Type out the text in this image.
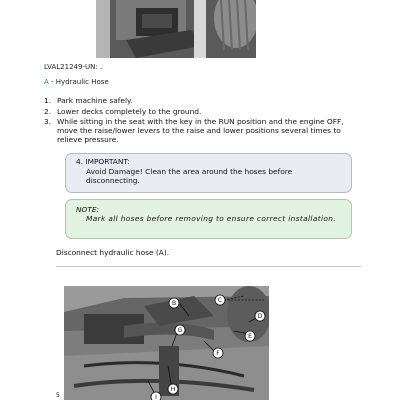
LVAL21249-UN: .
A - Hydraulic Hose
1. Park machine safely.
2. Lower decks completely to the ground.
3. While sitting in the seat with the key in the RUN position and the engine OFF, move the raise/lower levers to the raise and lower positions several times to relieve pressure.
4. IMPORTANT:
Avoid Damage! Clean the area around the hoses before disconnecting.
NOTE:
Mark all hoses before removing to ensure correct installation.
Disconnect hydraulic hose (A).
B	C
D
E
F
G
H
I
5
